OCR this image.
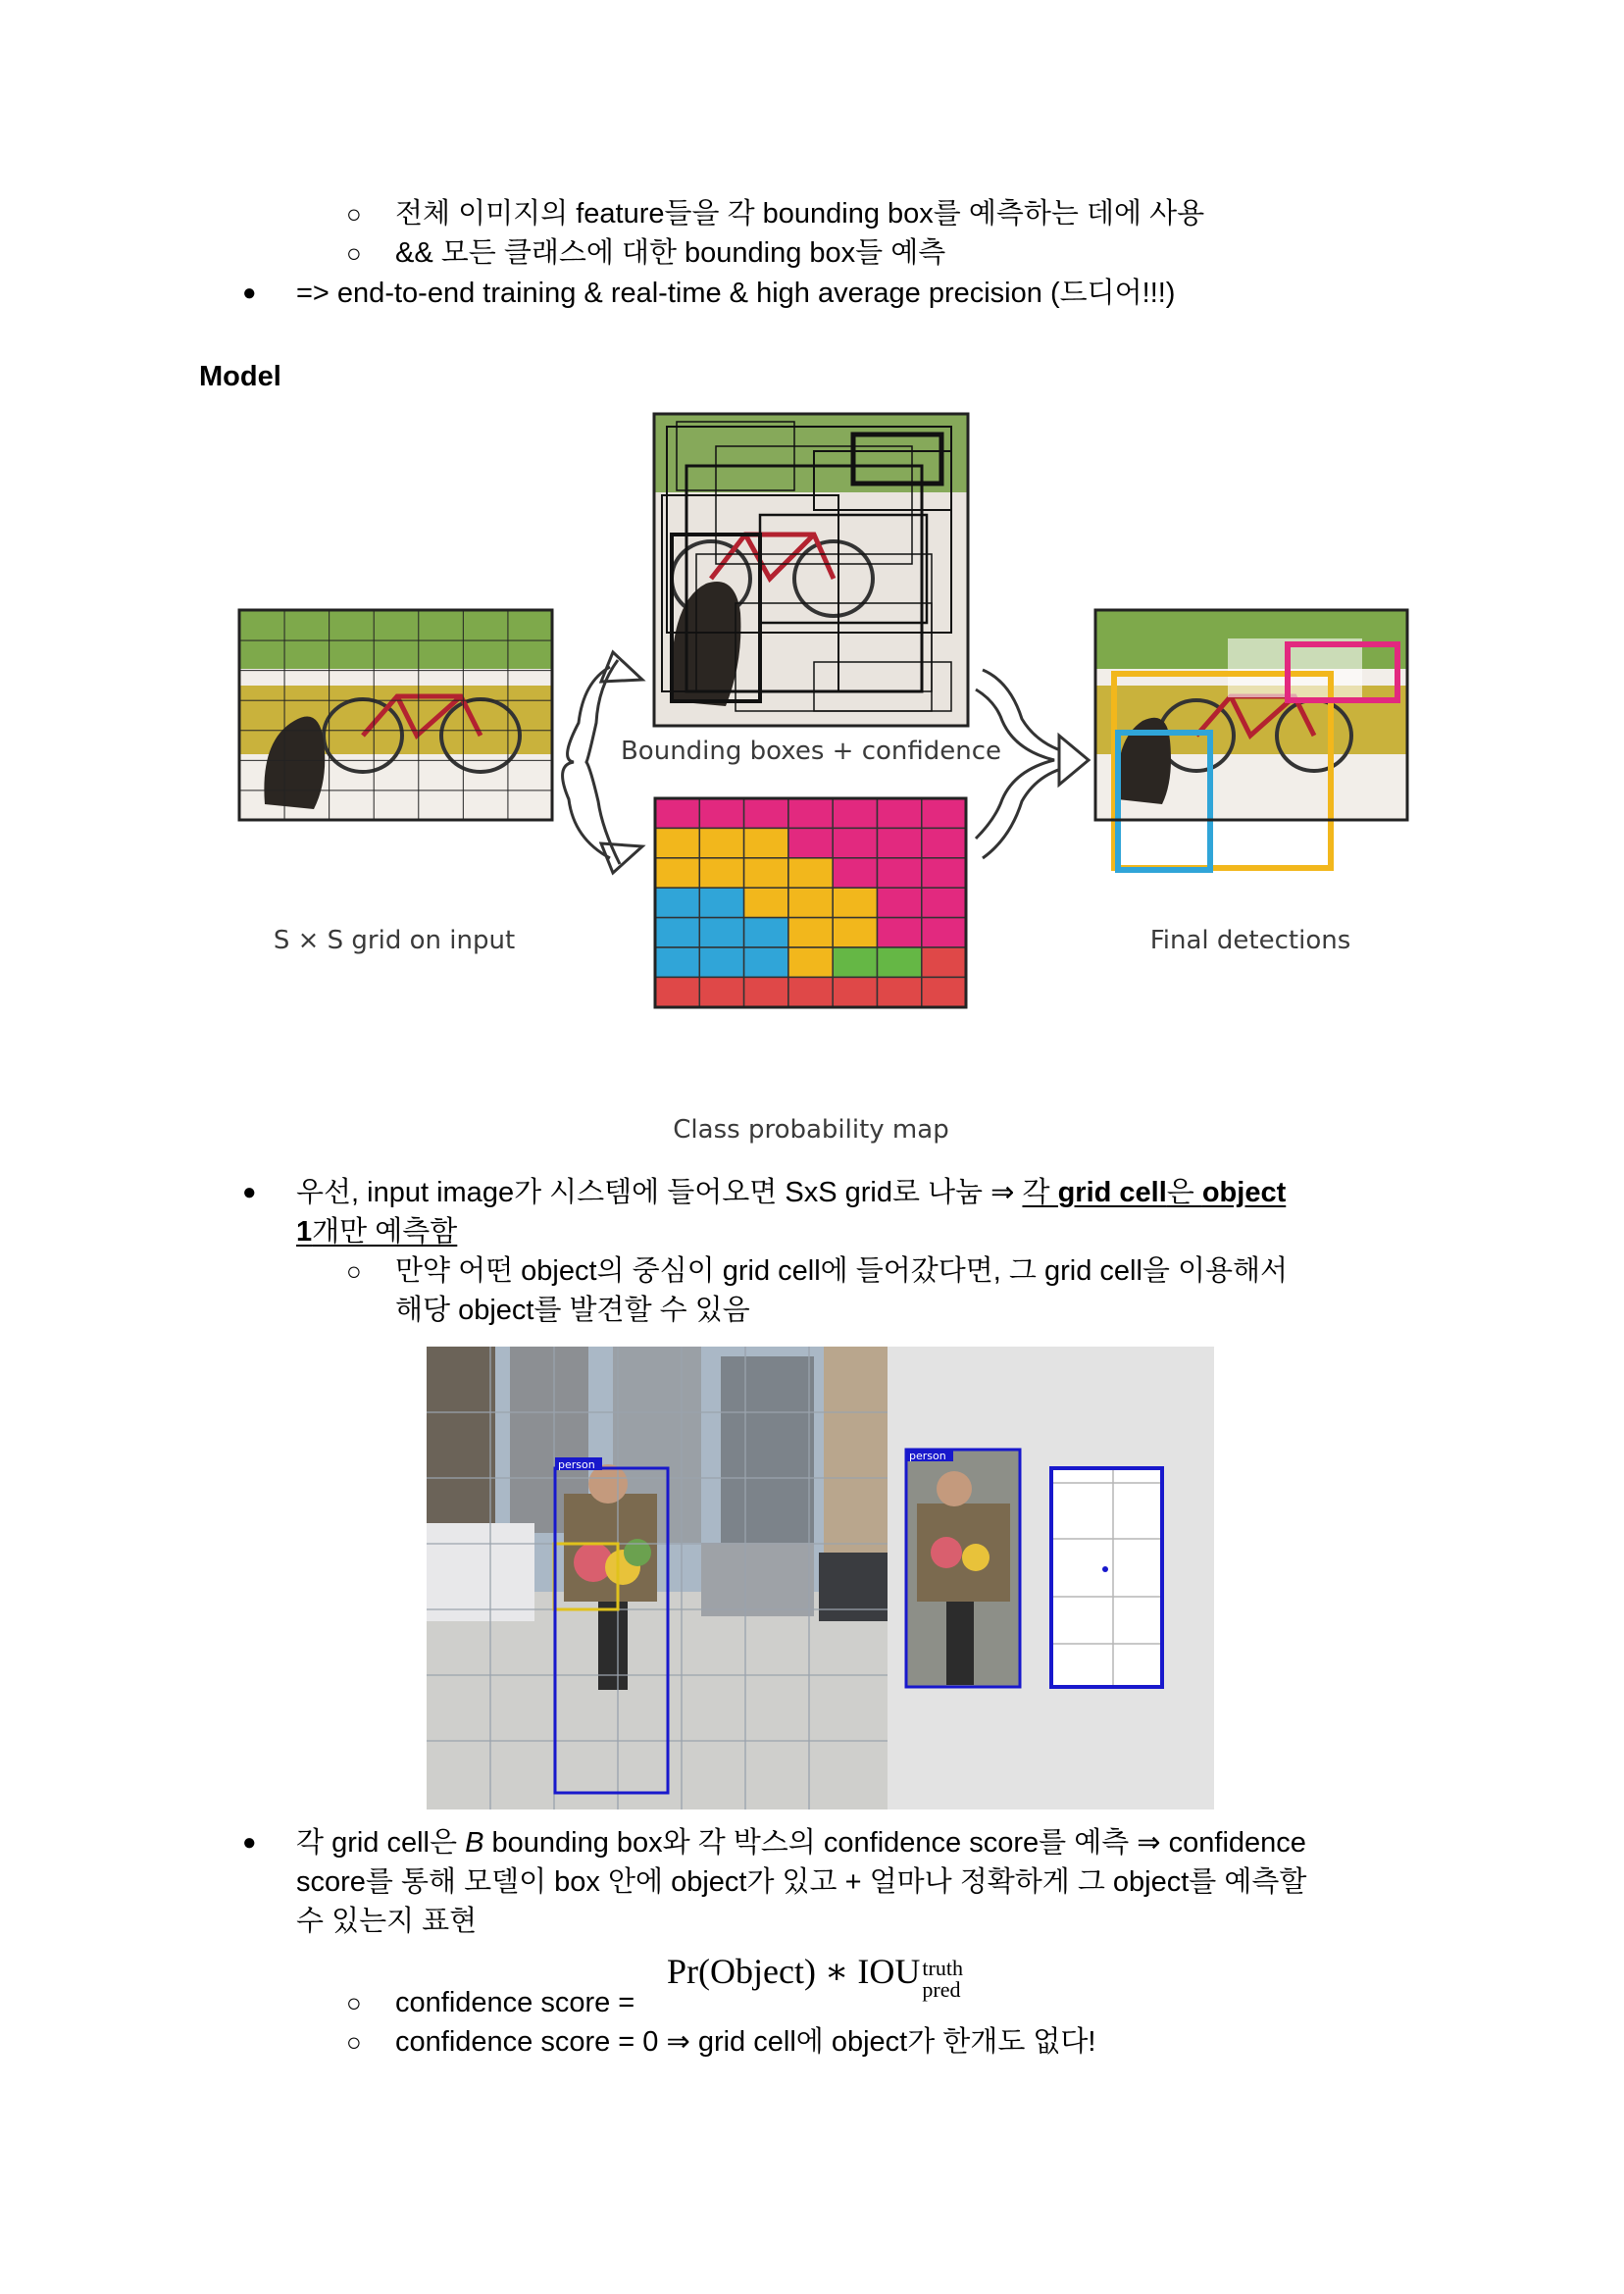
○ 전체 이미지의 feature들을 각 bounding box를 예측하는 데에 사용
○ && 모든 클래스에 대한 bounding box들 예측
● => end-to-end training & real-time & high average precision (드디어!!!)
Model
S × S grid on input
Bounding boxes + confidence
Class probability map
Final detections
● 우선, input image가 시스템에 들어오면 SxS grid로 나눔 ⇒ 각 grid cell은 object
1개만 예측함
○ 만약 어떤 object의 중심이 grid cell에 들어갔다면, 그 grid cell을 이용해서
해당 object를 발견할 수 있음
person
person
● 각 grid cell은 B bounding box와 각 박스의 confidence score를 예측 ⇒ confidence
score를 통해 모델이 box 안에 object가 있고 + 얼마나 정확하게 그 object를 예측할
수 있는지 표현
○ confidence score =
Pr(Object) ∗ IOU truth
pred
○ confidence score = 0 ⇒ grid cell에 object가 한개도 없다!
